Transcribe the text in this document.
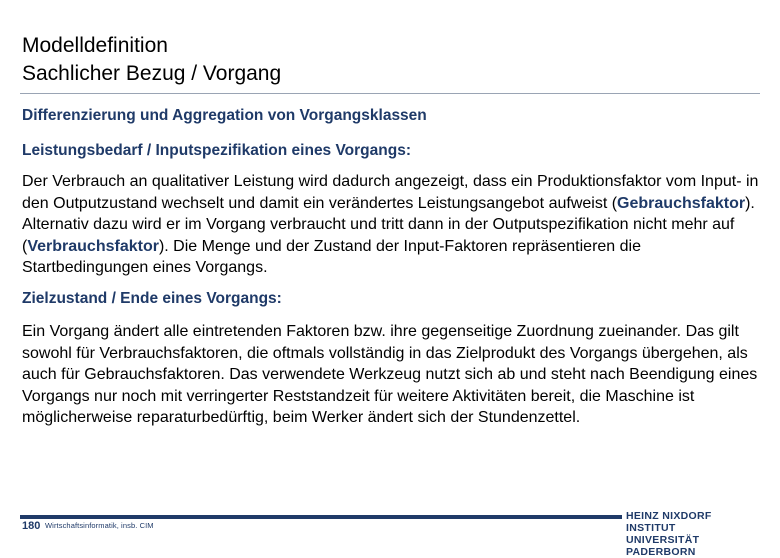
Modelldefinition
Sachlicher Bezug / Vorgang
Differenzierung und Aggregation von Vorgangsklassen
Leistungsbedarf / Inputspezifikation eines Vorgangs:

Der Verbrauch an qualitativer Leistung wird dadurch angezeigt, dass ein Produktionsfaktor vom Input- in den Outputzustand wechselt und damit ein verändertes Leistungsangebot aufweist (Gebrauchsfaktor). Alternativ dazu wird er im Vorgang verbraucht und tritt dann in der Outputspezifikation nicht mehr auf (Verbrauchsfaktor). Die Menge und der Zustand der Input-Faktoren repräsentieren die Startbedingungen eines Vorgangs.

Zielzustand / Ende eines Vorgangs:

Ein Vorgang ändert alle eintretenden Faktoren bzw. ihre gegenseitige Zuordnung zueinander. Das gilt sowohl für Verbrauchsfaktoren, die oftmals vollständig in das Zielprodukt des Vorgangs übergehen, als auch für Gebrauchsfaktoren. Das verwendete Werkzeug nutzt sich ab und steht nach Beendigung eines Vorgangs nur noch mit verringerter Reststandzeit für weitere Aktivitäten bereit, die Maschine ist möglicherweise reparaturbedürftig, beim Werker ändert sich der Stundenzettel.

180 Wirtschaftsinformatik, insb. CIM
HEINZ NIXDORF INSTITUT
UNIVERSITÄT PADERBORN
